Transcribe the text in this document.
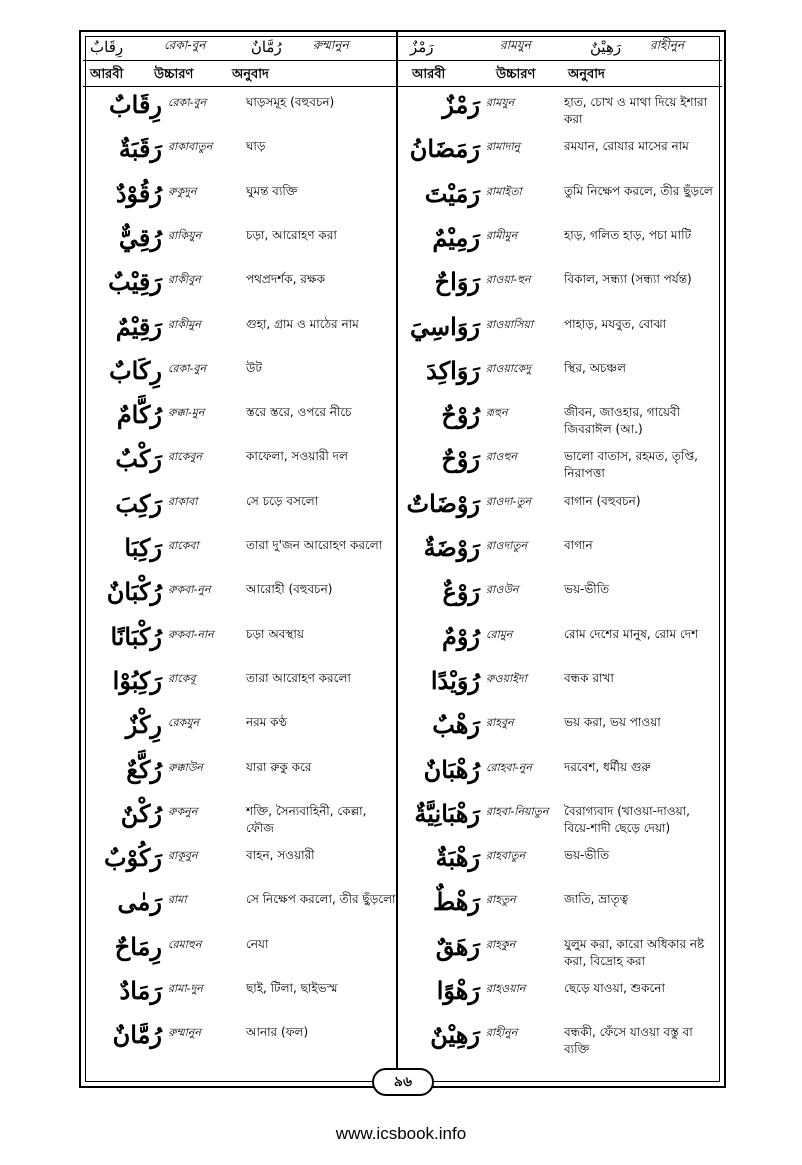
رِقَابٌ	রেকা-বুন	رُمَّانٌ	রুম্মানুন	رَمْزٌ	রামযুন	رَهِيْنٌ	রাহীনুন
আরবী	উচ্চারণ	অনুবাদ	আরবী	উচ্চারণ	অনুবাদ
رِقَابٌ রেকা-বুন	ঘাড়সমূহ (বহুবচন)
رَقَبَةٌ রাকাবাতুন	ঘাড়
رُقُوْدٌ রুকুদুন	ঘুমন্ত ব্যক্তি
رُقِيٌّ রাকিয়ুন	চড়া, আরোহণ করা
رَقِيْبٌ রাকীবুন	পথপ্রদর্শক, রক্ষক
رَقِيْمٌ রাকীমুন	গুহা, গ্রাম ও মাঠের নাম
رِكَابٌ রেকা-বুন	উট
رُكَّامٌ রুক্কা-মুন	স্তরে স্তরে, ওপরে নীচে
رَكْبٌ রাকেবুন	কাফেলা, সওয়ারী দল
رَكِبَ রাকাবা	সে চড়ে বসলো
رَكِبَا রাকেবা	তারা দু'জন আরোহণ করলো
رُكْبَانٌ রুকবা-নুন	আরোহী (বহুবচন)
رُكْبَانًا রুকবা-নান	চড়া অবস্থায়
رَكِبُوْا রাকেবূ	তারা আরোহণ করলো
رِكْزٌ রেকযুন	নরম কণ্ঠ
رُكَّعٌ রুক্কাউন	যারা রুকু করে
رُكْنٌ রুকনুন	শক্তি, সৈন্যবাহিনী, কেল্লা, ফৌজ
رَكُوْبٌ রাকূবুন	বাহন, সওয়ারী
رَمٰى রামা	সে নিক্ষেপ করলো, তীর ছুঁড়লো
رِمَاحٌ রেমাহুন	নেযা
رَمَادٌ রামা-দুন	ছাই, টিলা, ছাইভস্ম
رُمَّانٌ রুম্মানুন	আনার (ফল)
رَمْزٌ রামযুন	হাত, চোখ ও মাথা দিয়ে ইশারা করা
رَمَضَانُ রামাদানু	রমযান, রোযার মাসের নাম
رَمَيْتَ রামাইতা	তুমি নিক্ষেপ করলে, তীর ছুঁড়লে
رَمِيْمٌ রামীমুন	হাড়, গলিত হাড়, পচা মাটি
رَوَاحٌ রাওয়া-হুন	বিকাল, সন্ধ্যা (সন্ধ্যা পর্যন্ত)
رَوَاسِيَ রাওয়াসিয়া	পাহাড়, মযবুত, বোঝা
رَوَاكِدَ রাওয়াকেদু	স্থির, অচঞ্চল
رُوْحٌ রূহুন	জীবন, জাওহার, গায়েবী জিবরাঈল (আ.)
رَوْحٌ রাওহুন	ভালো বাতাস, রহমত, তৃপ্তি, নিরাপত্তা
رَوْضَاتٌ রাওদা-তুন	বাগান (বহুবচন)
رَوْضَةٌ রাওদাতুন	বাগান
رَوْعٌ রাওউন	ভয়-ভীতি
رُوْمٌ রোমুন	রোম দেশের মানুষ, রোম দেশ
رُوَيْدًا রুওয়াইদা	বন্ধক রাখা
رَهْبٌ রাহবুন	ভয় করা, ভয় পাওয়া
رُهْبَانٌ রোহবা-নুন	দরবেশ, ধর্মীয় গুরু
رَهْبَانِيَّةٌ রাহবা-নিয়াতুন	বৈরাগ্যবাদ (খাওয়া-দাওয়া, বিয়ে-শাদী ছেড়ে দেয়া)
رَهْبَةٌ রাহবাতুন	ভয়-ভীতি
رَهْطٌ রাহতুন	জাতি, ভ্রাতৃত্ব
رَهَقٌ রাহকুন	যুলুম করা, কারো অধিকার নষ্ট করা, বিদ্রোহ করা
رَهْوًا রাহওয়ান	ছেড়ে যাওয়া, শুকনো
رَهِيْنٌ রাহীনুন	বন্ধকী, ফেঁসে যাওয়া বস্তু বা ব্যক্তি
৯৬
www.icsbook.info
